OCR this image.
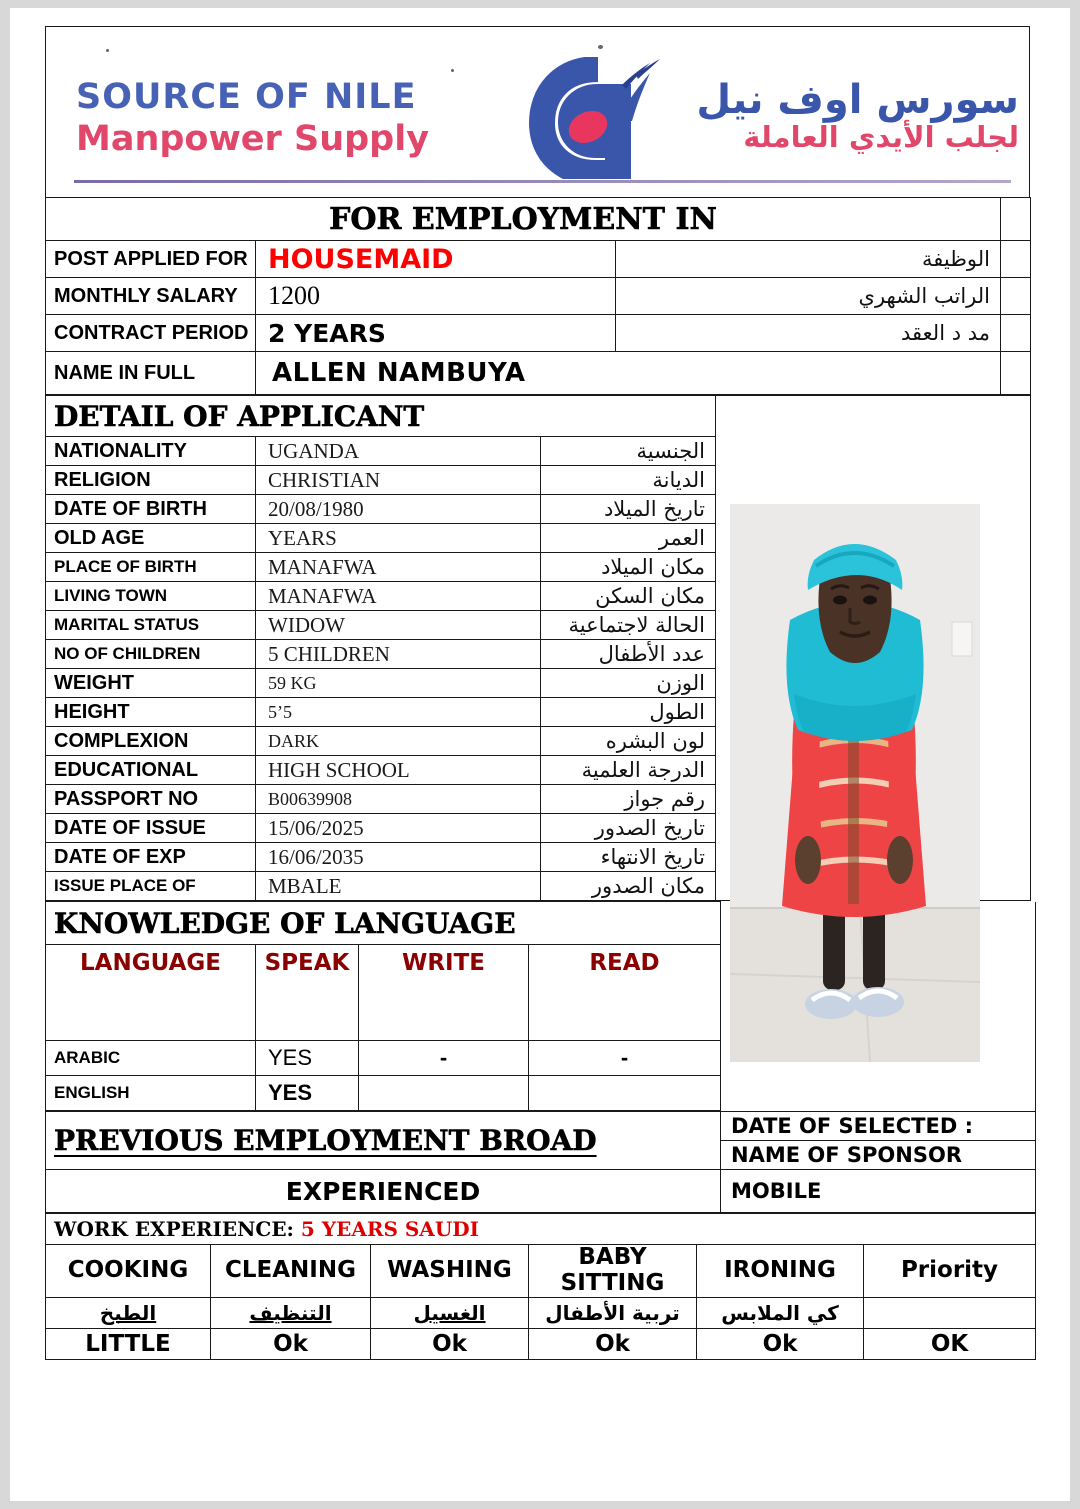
SOURCE OF NILE
Manpower Supply
سورس اوف نيل
لجلب الأيدي العاملة
FOR EMPLOYMENT IN			
POST APPLIED FOR	HOUSEMAID	الوظيفة	
MONTHLY SALARY	1200	الراتب الشهري	
CONTRACT PERIOD	2 YEARS	مد د العقد	
NAME IN FULL	ALLEN NAMBUYA		
DETAIL OF APPLICANT	

NATIONALITY	UGANDA	الجنسية	
RELIGION	CHRISTIAN	الديانة	
DATE OF BIRTH	20/08/1980	تاريخ الميلاد	
OLD AGE	YEARS	العمر	
PLACE OF BIRTH	MANAFWA	مكان الميلاد	
LIVING TOWN	MANAFWA	مكان السكن	
MARITAL STATUS	WIDOW	الحالة لاجتماعية	
NO OF CHILDREN	5 CHILDREN	عدد الأطفال	
WEIGHT	59 KG	الوزن	
HEIGHT	5’5	الطول	
COMPLEXION	DARK	لون البشره	
EDUCATIONAL	HIGH SCHOOL	الدرجة العلمية	
PASSPORT NO	B00639908	رقم جواز	
DATE OF ISSUE	15/06/2025	تاريخ الصدور	
DATE OF EXP	16/06/2035	تاريخ الانتهاء	
ISSUE PLACE OF	MBALE	مكان الصدور	
KNOWLEDGE OF LANGUAGE				

LANGUAGE	SPEAK	WRITE	READ	

ARABIC	YES	-	-	
ENGLISH	YES			
PREVIOUS EMPLOYMENT BROAD	DATE OF SELECTED :
	NAME OF SPONSOR
EXPERIENCED	MOBILE
WORK EXPERIENCE: 5 YEARS SAUDI					
COOKING	CLEANING	WASHING	BABY SITTING	IRONING	Priority
الطبخ	التنظيف	الغسيل	تربية الأطفال	كي الملابس	
LITTLE	Ok	Ok	Ok	Ok	OK
